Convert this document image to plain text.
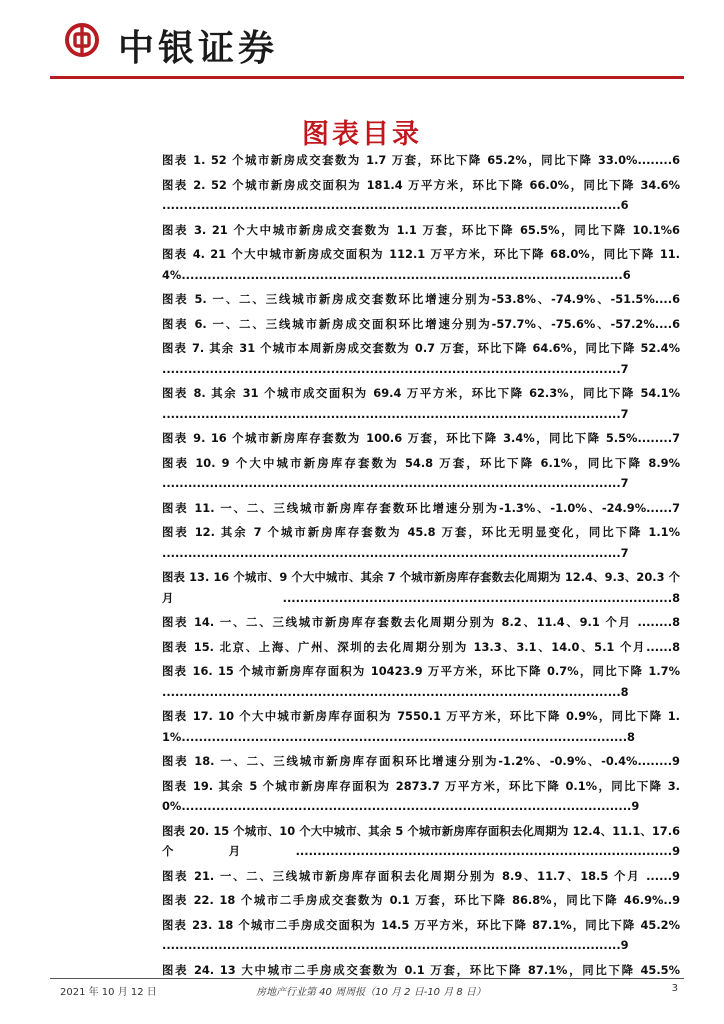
中银证券
图表目录
图表 1. 52 个城市新房成交套数为 1.7 万套，环比下降 65.2%，同比下降 33.0%........6
图表 2. 52 个城市新房成交面积为 181.4 万平方米，环比下降 66.0%，同比下降 34.6% ..........................................................................................................6
图表 3. 21 个大中城市新房成交套数为 1.1 万套，环比下降 65.5%，同比下降 10.1%6
图表 4. 21 个大中城市新房成交面积为 112.1 万平方米，环比下降 68.0%，同比下降 11.4%......................................................................................................6
图表 5. 一、二、三线城市新房成交套数环比增速分别为-53.8%、-74.9%、-51.5%....6
图表 6. 一、二、三线城市新房成交面积环比增速分别为-57.7%、-75.6%、-57.2%....6
图表 7. 其余 31 个城市本周新房成交套数为 0.7 万套，环比下降 64.6%，同比下降 52.4% ..........................................................................................................7
图表 8. 其余 31 个城市成交面积为 69.4 万平方米，环比下降 62.3%，同比下降 54.1% ..........................................................................................................7
图表 9. 16 个城市新房库存套数为 100.6 万套，环比下降 3.4%，同比下降 5.5%........7
图表 10. 9 个大中城市新房库存套数为 54.8 万套，环比下降 6.1%，同比下降 8.9% ..........................................................................................................7
图表 11. 一、二、三线城市新房库存套数环比增速分别为-1.3%、-1.0%、-24.9%......7
图表 12. 其余 7 个城市新房库存套数为 45.8 万套，环比无明显变化，同比下降 1.1% ..........................................................................................................7
图表 13. 16 个城市、9 个大中城市、其余 7 个城市新房库存套数去化周期为 12.4、9.3、20.3 个月..........................................................................................8
图表 14. 一、二、三线城市新房库存套数去化周期分别为 8.2、11.4、9.1 个月 ........8
图表 15. 北京、上海、广州、深圳的去化周期分别为 13.3、3.1、14.0、5.1 个月......8
图表 16. 15 个城市新房库存面积为 10423.9 万平方米，环比下降 0.7%，同比下降 1.7% ..........................................................................................................8
图表 17. 10 个大中城市新房库存面积为 7550.1 万平方米，环比下降 0.9%，同比下降 1.1%.......................................................................................................8
图表 18. 一、二、三线城市新房库存面积环比增速分别为-1.2%、-0.9%、-0.4%........9
图表 19. 其余 5 个城市新房库存面积为 2873.7 万平方米，环比下降 0.1%，同比下降 3.0%........................................................................................................9
图表 20. 15 个城市、10 个大中城市、其余 5 个城市新房库存面积去化周期为 12.4、11.1、17.6 个月.......................................................................................9
图表 21. 一、二、三线城市新房库存面积去化周期分别为 8.9、11.7、18.5 个月 ......9
图表 22. 18 个城市二手房成交套数为 0.1 万套，环比下降 86.8%，同比下降 46.9%..9
图表 23. 18 个城市二手房成交面积为 14.5 万平方米，环比下降 87.1%，同比下降 45.2% ..........................................................................................................9
图表 24. 13 大中城市二手房成交套数为 0.1 万套，环比下降 87.1%，同比下降 45.5%
2021 年 10 月 12 日	房地产行业第 40 周周报（10 月 2 日-10 月 8 日）	3
